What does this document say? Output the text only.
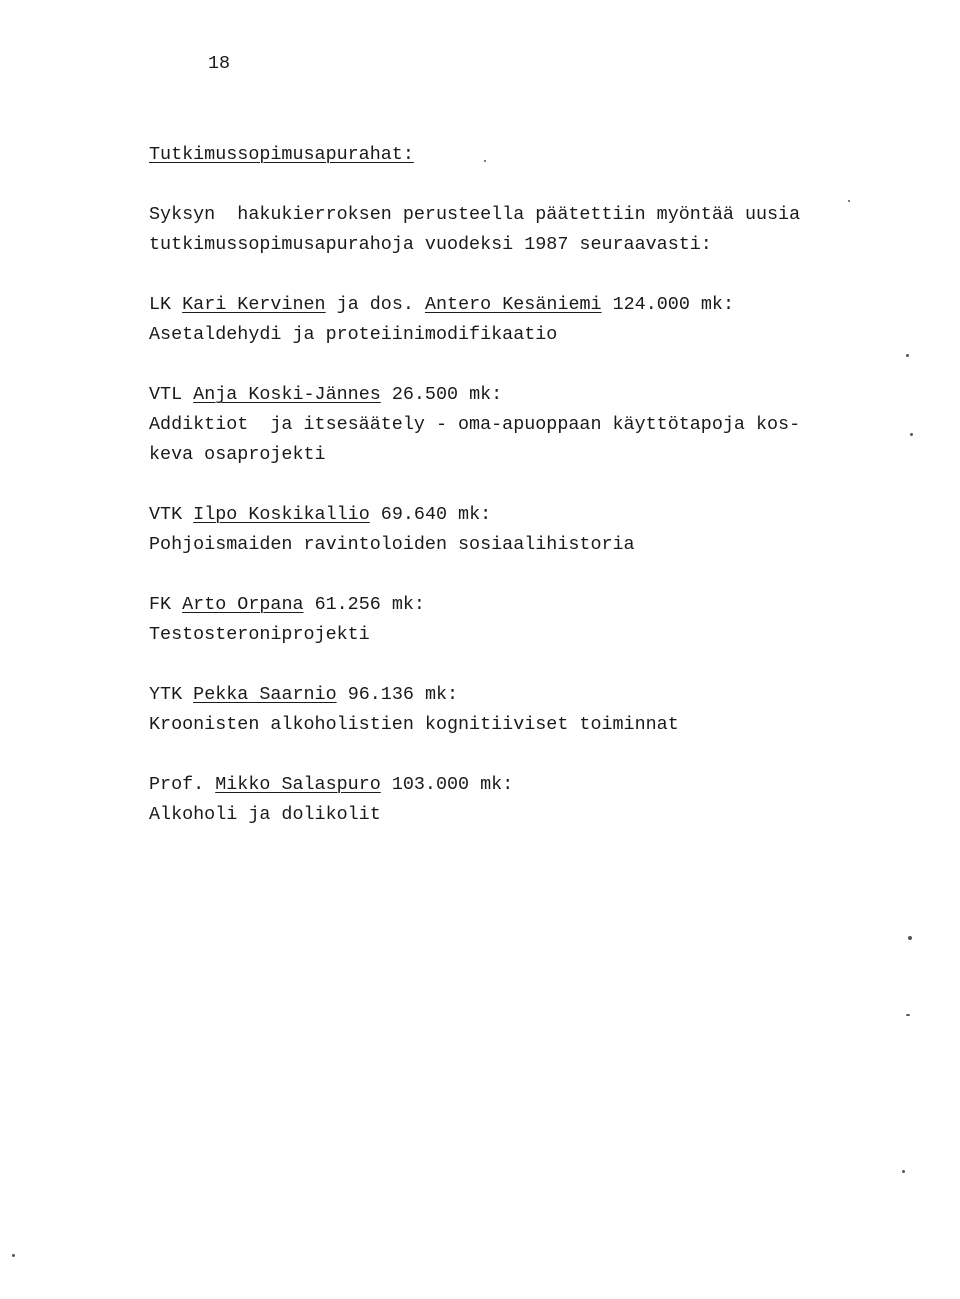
18
Tutkimussopimusapurahat:
Syksyn  hakukierroksen perusteella päätettiin myöntää uusia
tutkimussopimusapurahoja vuodeksi 1987 seuraavasti:
LK Kari Kervinen ja dos. Antero Kesäniemi 124.000 mk:
Asetaldehydi ja proteiinimodifikaatio
VTL Anja Koski-Jännes 26.500 mk:
Addiktiot  ja itsesäätely - oma-apuoppaan käyttötapoja kos-
keva osaprojekti
VTK Ilpo Koskikallio 69.640 mk:
Pohjoismaiden ravintoloiden sosiaalihistoria
FK Arto Orpana 61.256 mk:
Testosteroniprojekti
YTK Pekka Saarnio 96.136 mk:
Kroonisten alkoholistien kognitiiviset toiminnat
Prof. Mikko Salaspuro 103.000 mk:
Alkoholi ja dolikolit
